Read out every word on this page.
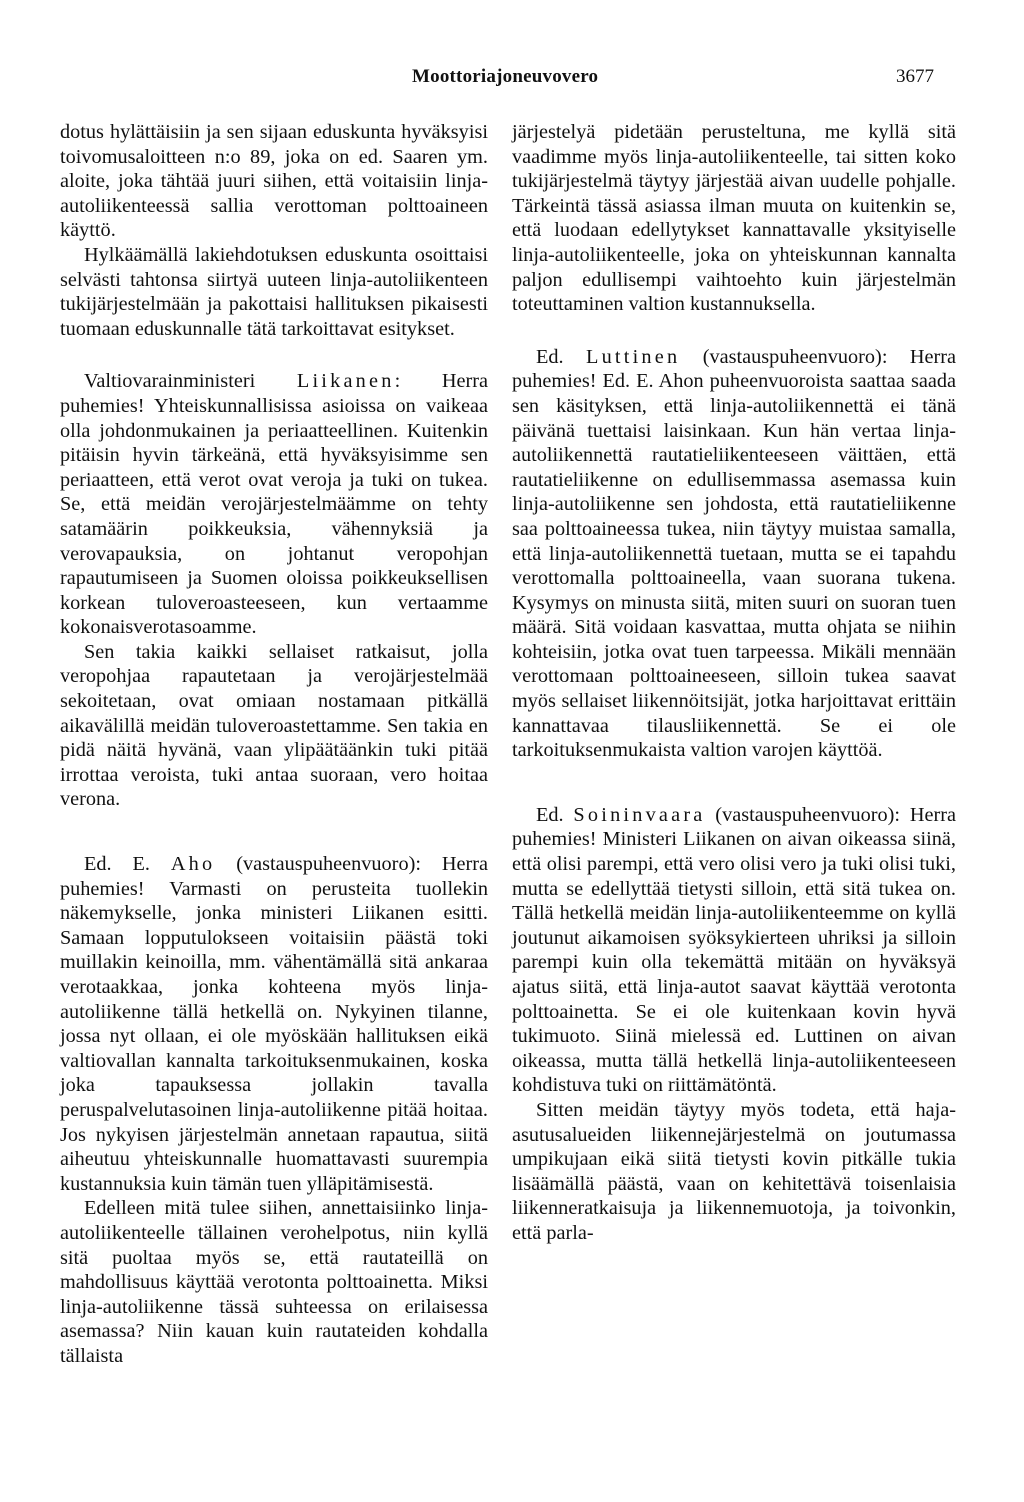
Moottoriajoneuvovero	3677

dotus hylättäisiin ja sen sijaan eduskunta hyväksyisi toivomusaloitteen n:o 89, joka on ed. Saaren ym. aloite, joka tähtää juuri siihen, että voitaisiin linja-autoliikenteessä sallia verottoman polttoaineen käyttö.

Hylkäämällä lakiehdotuksen eduskunta osoittaisi selvästi tahtonsa siirtyä uuteen linja-autoliikenteen tukijärjestelmään ja pakottaisi hallituksen pikaisesti tuomaan eduskunnalle tätä tarkoittavat esitykset.

Valtiovarainministeri Liikanen: Herra puhemies! Yhteiskunnallisissa asioissa on vaikeaa olla johdonmukainen ja periaatteellinen. Kuitenkin pitäisin hyvin tärkeänä, että hyväksyisimme sen periaatteen, että verot ovat veroja ja tuki on tukea. Se, että meidän verojärjestelmäämme on tehty satamäärin poikkeuksia, vähennyksiä ja verovapauksia, on johtanut veropohjan rapautumiseen ja Suomen oloissa poikkeuksellisen korkean tuloveroasteeseen, kun vertaamme kokonaisverotasoamme.

Sen takia kaikki sellaiset ratkaisut, jolla veropohjaa rapautetaan ja verojärjestelmää sekoitetaan, ovat omiaan nostamaan pitkällä aikavälillä meidän tuloveroastettamme. Sen takia en pidä näitä hyvänä, vaan ylipäätäänkin tuki pitää irrottaa veroista, tuki antaa suoraan, vero hoitaa verona.

Ed. E. Aho (vastauspuheenvuoro): Herra puhemies! Varmasti on perusteita tuollekin näkemykselle, jonka ministeri Liikanen esitti. Samaan lopputulokseen voitaisiin päästä toki muillakin keinoilla, mm. vähentämällä sitä ankaraa verotaakkaa, jonka kohteena myös linja-autoliikenne tällä hetkellä on. Nykyinen tilanne, jossa nyt ollaan, ei ole myöskään hallituksen eikä valtiovallan kannalta tarkoituksenmukainen, koska joka tapauksessa jollakin tavalla peruspalvelutasoinen linja-autoliikenne pitää hoitaa. Jos nykyisen järjestelmän annetaan rapautua, siitä aiheutuu yhteiskunnalle huomattavasti suurempia kustannuksia kuin tämän tuen ylläpitämisestä.

Edelleen mitä tulee siihen, annettaisiinko linja-autoliikenteelle tällainen verohelpotus, niin kyllä sitä puoltaa myös se, että rautateillä on mahdollisuus käyttää verotonta polttoainetta. Miksi linja-autoliikenne tässä suhteessa on erilaisessa asemassa? Niin kauan kuin rautateiden kohdalla tällaista

järjestelyä pidetään perusteltuna, me kyllä sitä vaadimme myös linja-autoliikenteelle, tai sitten koko tukijärjestelmä täytyy järjestää aivan uudelle pohjalle. Tärkeintä tässä asiassa ilman muuta on kuitenkin se, että luodaan edellytykset kannattavalle yksityiselle linja-autoliikenteelle, joka on yhteiskunnan kannalta paljon edullisempi vaihtoehto kuin järjestelmän toteuttaminen valtion kustannuksella.

Ed. Luttinen (vastauspuheenvuoro): Herra puhemies! Ed. E. Ahon puheenvuoroista saattaa saada sen käsityksen, että linja-autoliikennettä ei tänä päivänä tuettaisi laisinkaan. Kun hän vertaa linja-autoliikennettä rautatieliikenteeseen väittäen, että rautatieliikenne on edullisemmassa asemassa kuin linja-autoliikenne sen johdosta, että rautatieliikenne saa polttoaineessa tukea, niin täytyy muistaa samalla, että linja-autoliikennettä tuetaan, mutta se ei tapahdu verottomalla polttoaineella, vaan suorana tukena. Kysymys on minusta siitä, miten suuri on suoran tuen määrä. Sitä voidaan kasvattaa, mutta ohjata se niihin kohteisiin, jotka ovat tuen tarpeessa. Mikäli mennään verottomaan polttoaineeseen, silloin tukea saavat myös sellaiset liikennöitsijät, jotka harjoittavat erittäin kannattavaa tilausliikennettä. Se ei ole tarkoituksenmukaista valtion varojen käyttöä.

Ed. Soininvaara (vastauspuheenvuoro): Herra puhemies! Ministeri Liikanen on aivan oikeassa siinä, että olisi parempi, että vero olisi vero ja tuki olisi tuki, mutta se edellyttää tietysti silloin, että sitä tukea on. Tällä hetkellä meidän linja-autoliikenteemme on kyllä joutunut aikamoisen syöksykierteen uhriksi ja silloin parempi kuin olla tekemättä mitään on hyväksyä ajatus siitä, että linja-autot saavat käyttää verotonta polttoainetta. Se ei ole kuitenkaan kovin hyvä tukimuoto. Siinä mielessä ed. Luttinen on aivan oikeassa, mutta tällä hetkellä linja-autoliikenteeseen kohdistuva tuki on riittämätöntä.

Sitten meidän täytyy myös todeta, että haja-asutusalueiden liikennejärjestelmä on joutumassa umpikujaan eikä siitä tietysti kovin pitkälle tukia lisäämällä päästä, vaan on kehitettävä toisenlaisia liikenneratkaisuja ja liikennemuotoja, ja toivonkin, että parla-
